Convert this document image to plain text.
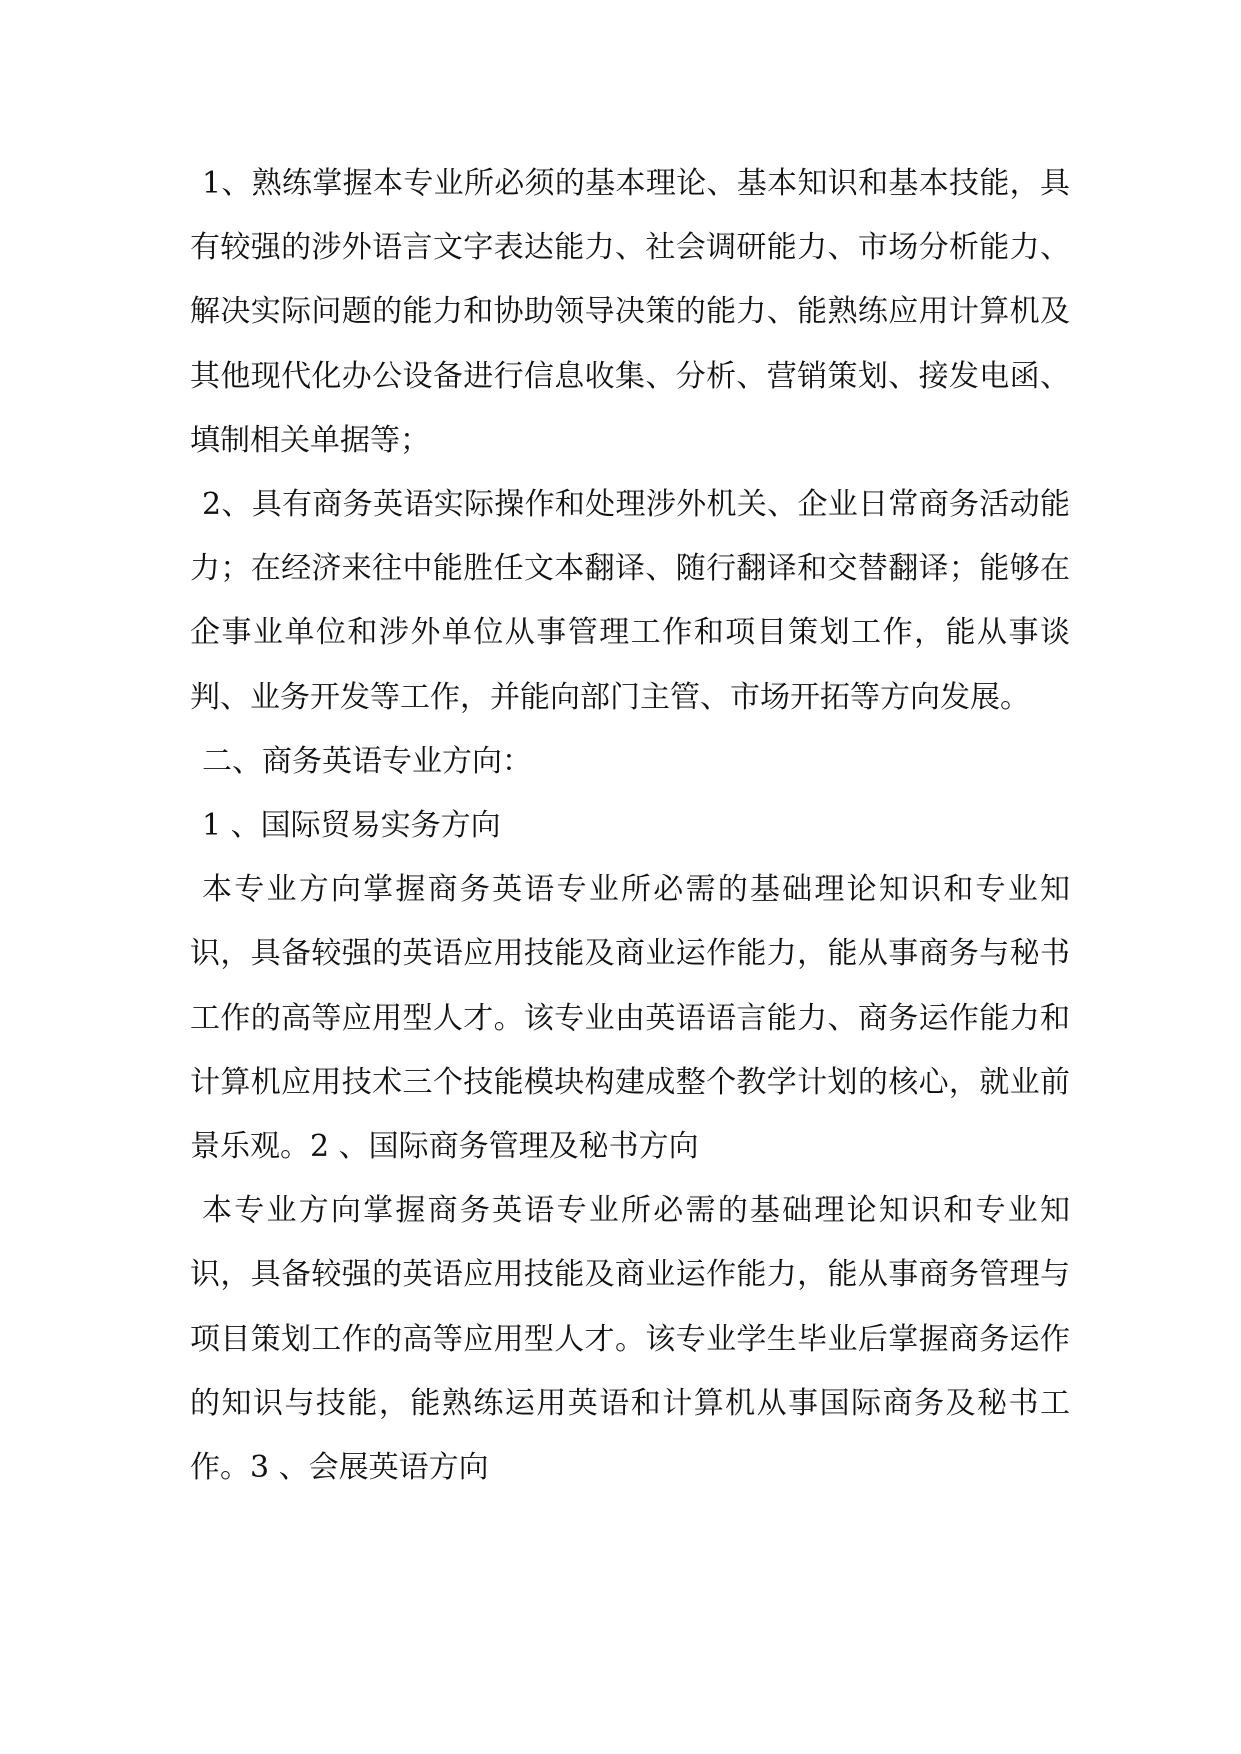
1、熟练掌握本专业所必须的基本理论、基本知识和基本技能，具有较强的涉外语言文字表达能力、社会调研能力、市场分析能力、解决实际问题的能力和协助领导决策的能力、能熟练应用计算机及其他现代化办公设备进行信息收集、分析、营销策划、接发电函、填制相关单据等；

2、具有商务英语实际操作和处理涉外机关、企业日常商务活动能力；在经济来往中能胜任文本翻译、随行翻译和交替翻译；能够在企事业单位和涉外单位从事管理工作和项目策划工作，能从事谈判、业务开发等工作，并能向部门主管、市场开拓等方向发展。

二、商务英语专业方向：

1 、国际贸易实务方向

本专业方向掌握商务英语专业所必需的基础理论知识和专业知识，具备较强的英语应用技能及商业运作能力，能从事商务与秘书工作的高等应用型人才。该专业由英语语言能力、商务运作能力和计算机应用技术三个技能模块构建成整个教学计划的核心，就业前景乐观。2 、国际商务管理及秘书方向

本专业方向掌握商务英语专业所必需的基础理论知识和专业知识，具备较强的英语应用技能及商业运作能力，能从事商务管理与项目策划工作的高等应用型人才。该专业学生毕业后掌握商务运作的知识与技能，能熟练运用英语和计算机从事国际商务及秘书工作。3 、会展英语方向
